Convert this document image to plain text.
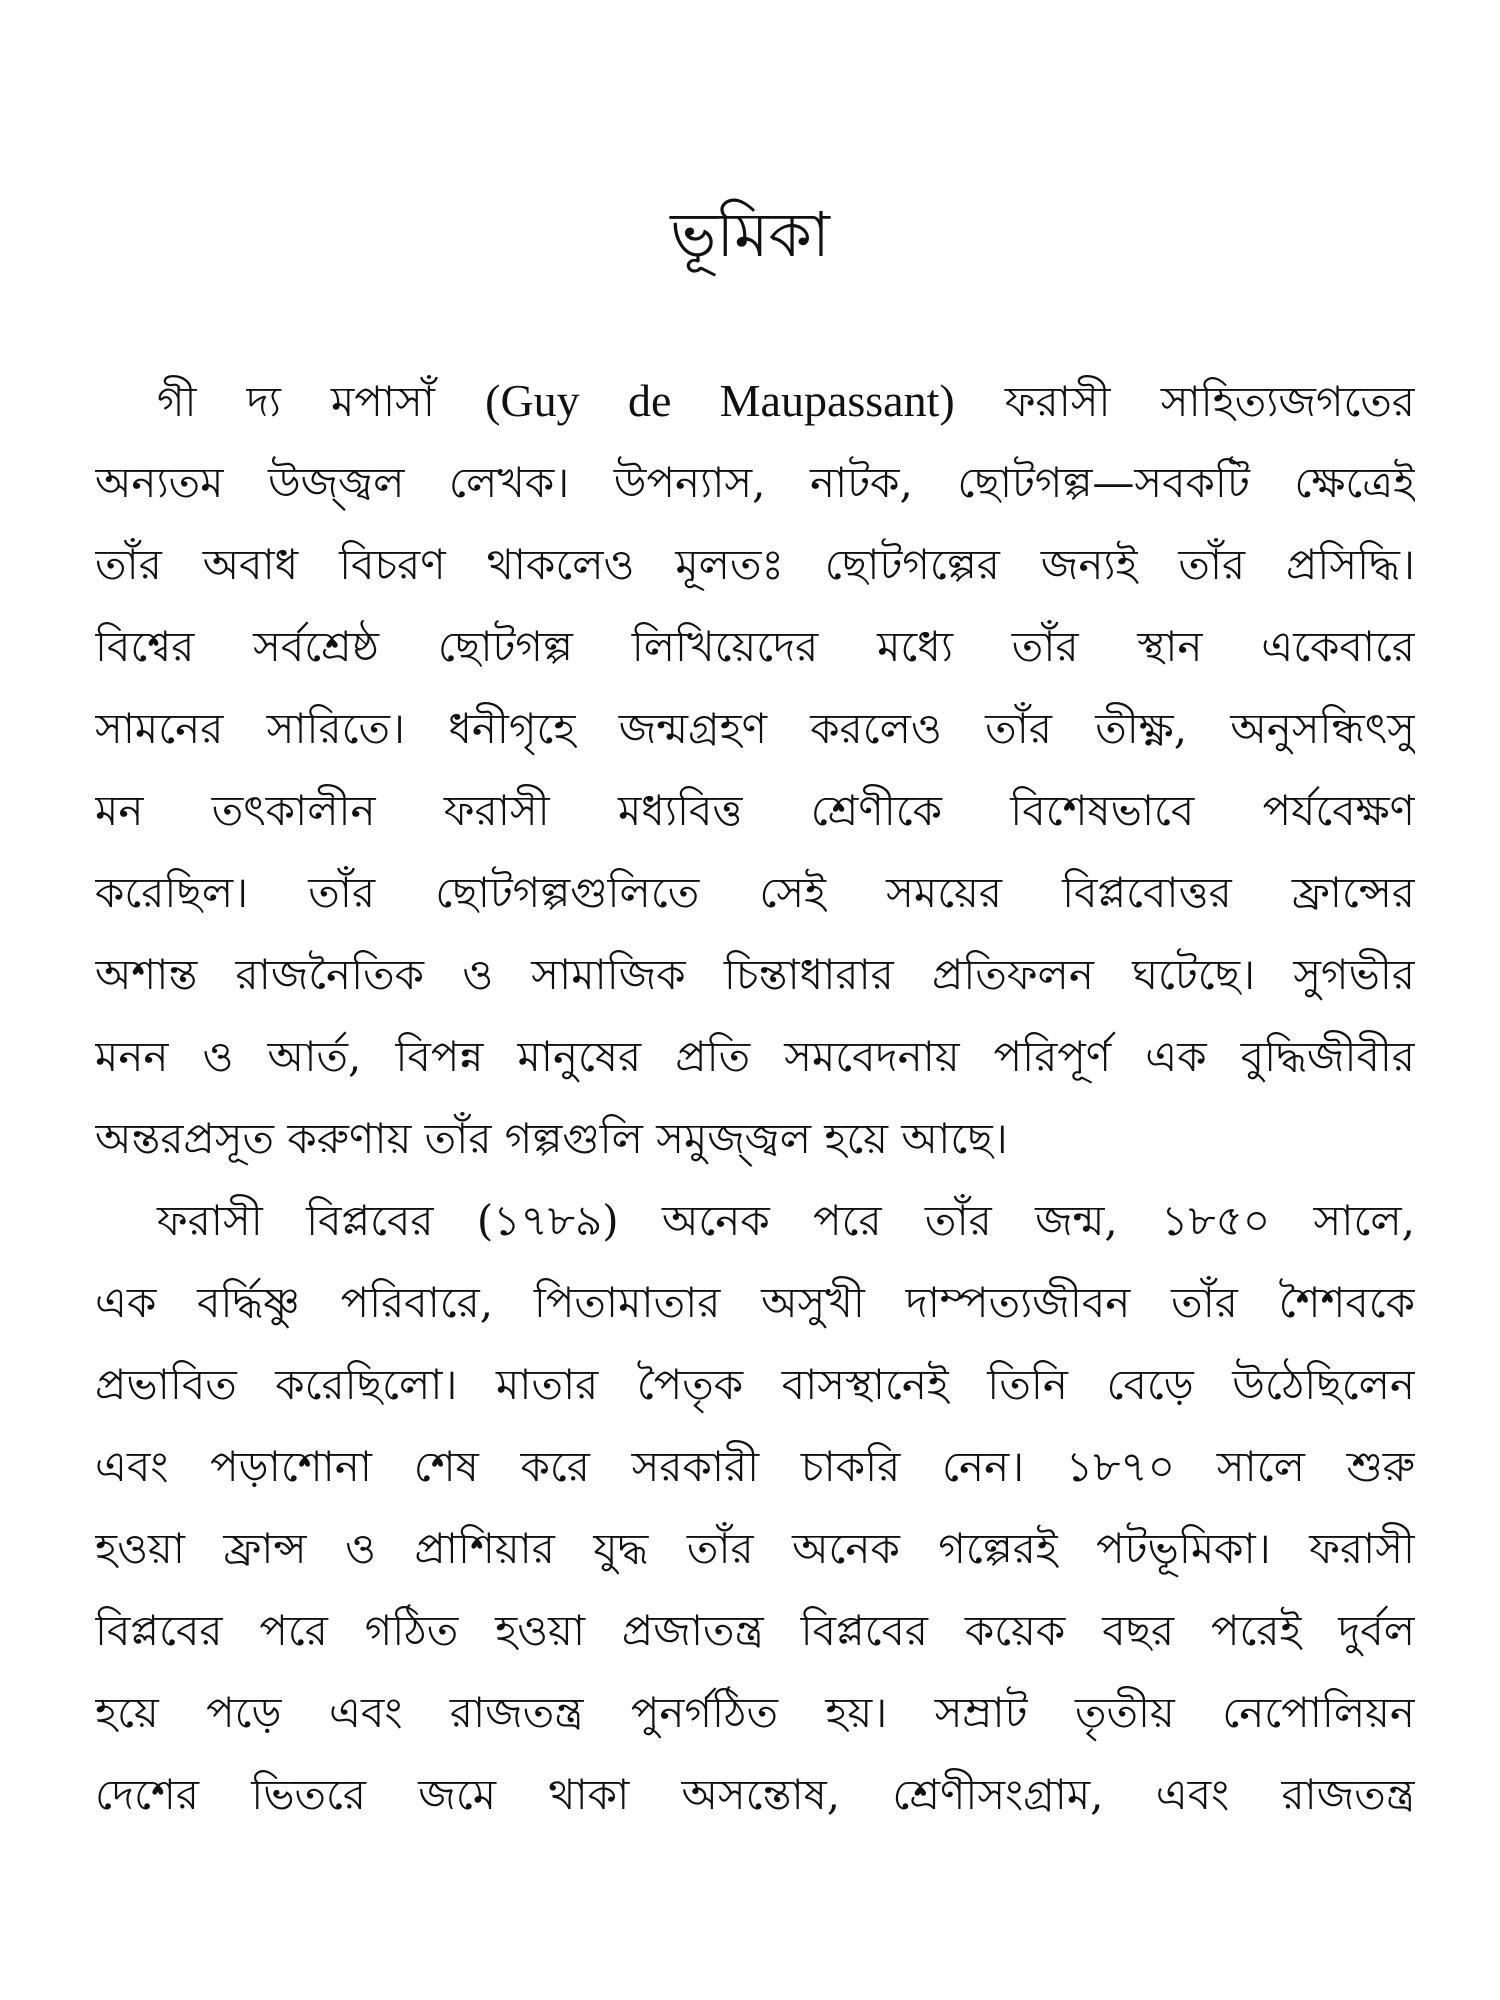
ভূমিকা
গী দ্য মপাসাঁ (Guy de Maupassant) ফরাসী সাহিত্যজগতের
অন্যতম উজ্জ্বল লেখক। উপন্যাস, নাটক, ছোটগল্প—সবকটি ক্ষেত্রেই
তাঁর অবাধ বিচরণ থাকলেও মূলতঃ ছোটগল্পের জন্যই তাঁর প্রসিদ্ধি।
বিশ্বের সর্বশ্রেষ্ঠ ছোটগল্প লিখিয়েদের মধ্যে তাঁর স্থান একেবারে
সামনের সারিতে। ধনীগৃহে জন্মগ্রহণ করলেও তাঁর তীক্ষ্ণ, অনুসন্ধিৎসু
মন তৎকালীন ফরাসী মধ্যবিত্ত শ্রেণীকে বিশেষভাবে পর্যবেক্ষণ
করেছিল। তাঁর ছোটগল্পগুলিতে সেই সময়ের বিপ্লবোত্তর ফ্রান্সের
অশান্ত রাজনৈতিক ও সামাজিক চিন্তাধারার প্রতিফলন ঘটেছে। সুগভীর
মনন ও আর্ত, বিপন্ন মানুষের প্রতি সমবেদনায় পরিপূর্ণ এক বুদ্ধিজীবীর
অন্তরপ্রসূত করুণায় তাঁর গল্পগুলি সমুজ্জ্বল হয়ে আছে।
ফরাসী বিপ্লবের (১৭৮৯) অনেক পরে তাঁর জন্ম, ১৮৫০ সালে,
এক বর্দ্ধিষ্ণু পরিবারে, পিতামাতার অসুখী দাম্পত্যজীবন তাঁর শৈশবকে
প্রভাবিত করেছিলো। মাতার পৈতৃক বাসস্থানেই তিনি বেড়ে উঠেছিলেন
এবং পড়াশোনা শেষ করে সরকারী চাকরি নেন। ১৮৭০ সালে শুরু
হওয়া ফ্রান্স ও প্রাশিয়ার যুদ্ধ তাঁর অনেক গল্পেরই পটভূমিকা। ফরাসী
বিপ্লবের পরে গঠিত হওয়া প্রজাতন্ত্র বিপ্লবের কয়েক বছর পরেই দুর্বল
হয়ে পড়ে এবং রাজতন্ত্র পুনর্গঠিত হয়। সম্রাট তৃতীয় নেপোলিয়ন
দেশের ভিতরে জমে থাকা অসন্তোষ, শ্রেণীসংগ্রাম, এবং রাজতন্ত্র
